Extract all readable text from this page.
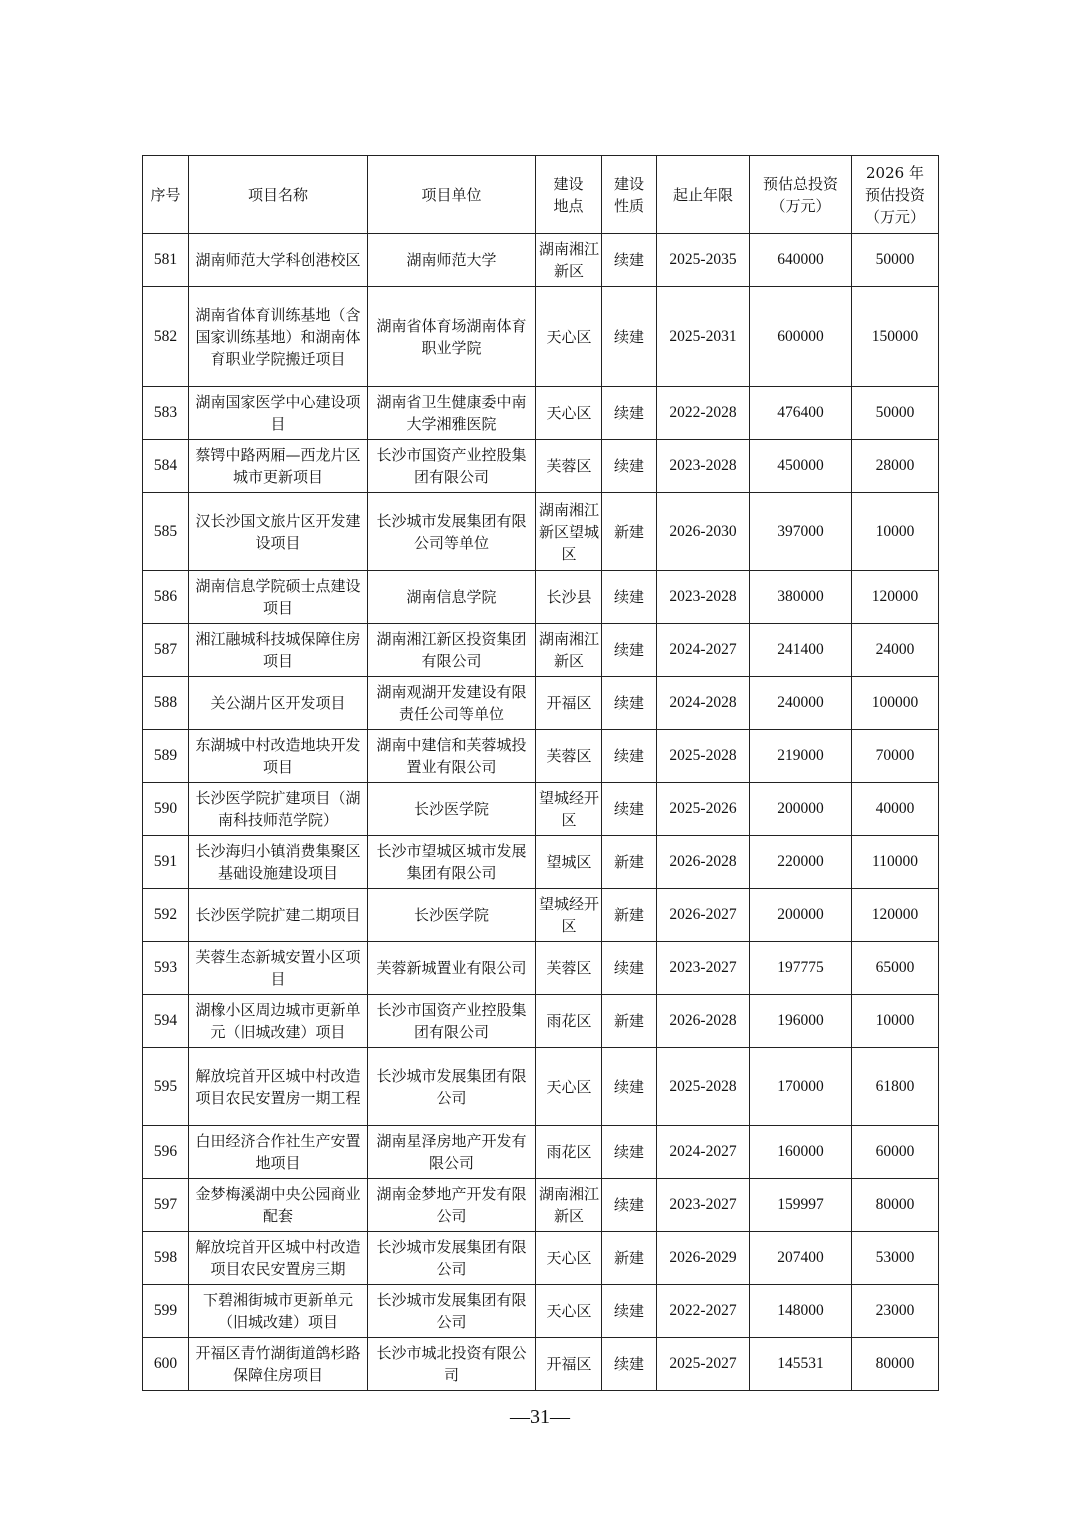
序号	项目名称	项目单位	建设地点	建设性质	起止年限	预估总投资（万元）	2026 年预估投资（万元）
581	湖南师范大学科创港校区	湖南师范大学	湖南湘江新区	续建	2025-2035	640000	50000
582	湖南省体育训练基地（含国家训练基地）和湖南体育职业学院搬迁项目	湖南省体育场湖南体育职业学院	天心区	续建	2025-2031	600000	150000
583	湖南国家医学中心建设项目	湖南省卫生健康委中南大学湘雅医院	天心区	续建	2022-2028	476400	50000
584	蔡锷中路两厢—西龙片区城市更新项目	长沙市国资产业控股集团有限公司	芙蓉区	续建	2023-2028	450000	28000
585	汉长沙国文旅片区开发建设项目	长沙城市发展集团有限公司等单位	湖南湘江新区望城区	新建	2026-2030	397000	10000
586	湖南信息学院硕士点建设项目	湖南信息学院	长沙县	续建	2023-2028	380000	120000
587	湘江融城科技城保障住房项目	湖南湘江新区投资集团有限公司	湖南湘江新区	续建	2024-2027	241400	24000
588	关公湖片区开发项目	湖南观湖开发建设有限责任公司等单位	开福区	续建	2024-2028	240000	100000
589	东湖城中村改造地块开发项目	湖南中建信和芙蓉城投置业有限公司	芙蓉区	续建	2025-2028	219000	70000
590	长沙医学院扩建项目（湖南科技师范学院）	长沙医学院	望城经开区	续建	2025-2026	200000	40000
591	长沙海归小镇消费集聚区基础设施建设项目	长沙市望城区城市发展集团有限公司	望城区	新建	2026-2028	220000	110000
592	长沙医学院扩建二期项目	长沙医学院	望城经开区	新建	2026-2027	200000	120000
593	芙蓉生态新城安置小区项目	芙蓉新城置业有限公司	芙蓉区	续建	2023-2027	197775	65000
594	湖橡小区周边城市更新单元（旧城改建）项目	长沙市国资产业控股集团有限公司	雨花区	新建	2026-2028	196000	10000
595	解放垸首开区城中村改造项目农民安置房一期工程	长沙城市发展集团有限公司	天心区	续建	2025-2028	170000	61800
596	白田经济合作社生产安置地项目	湖南星泽房地产开发有限公司	雨花区	续建	2024-2027	160000	60000
597	金梦梅溪湖中央公园商业配套	湖南金梦地产开发有限公司	湖南湘江新区	续建	2023-2027	159997	80000
598	解放垸首开区城中村改造项目农民安置房三期	长沙城市发展集团有限公司	天心区	新建	2026-2029	207400	53000
599	下碧湘街城市更新单元（旧城改建）项目	长沙城市发展集团有限公司	天心区	续建	2022-2027	148000	23000
600	开福区青竹湖街道鸽杉路保障住房项目	长沙市城北投资有限公司	开福区	续建	2025-2027	145531	80000
—31—
